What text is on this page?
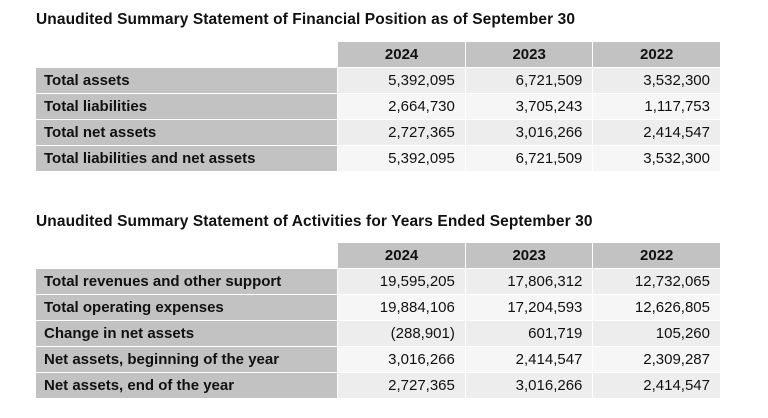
Unaudited Summary Statement of Financial Position as of September 30
		2024		2023		2022
Total assets		5,392,095		6,721,509		3,532,300
Total liabilities		2,664,730		3,705,243		1,117,753
Total net assets		2,727,365		3,016,266		2,414,547
Total liabilities and net assets		5,392,095		6,721,509		3,532,300
Unaudited Summary Statement of Activities for Years Ended September 30
		2024		2023		2022
Total revenues and other support		19,595,205		17,806,312		12,732,065
Total operating expenses		19,884,106		17,204,593		12,626,805
Change in net assets		(288,901)		601,719		105,260
Net assets, beginning of the year		3,016,266		2,414,547		2,309,287
Net assets, end of the year		2,727,365		3,016,266		2,414,547
